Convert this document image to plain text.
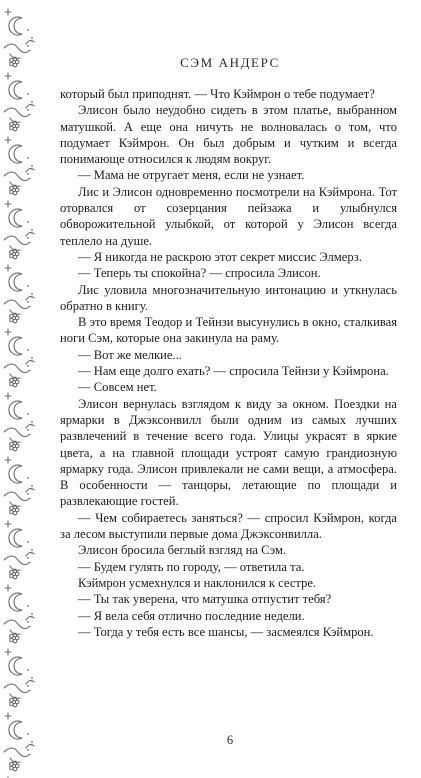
СЭМ АНДЕРС

который был приподнят. — Что Кэймрон о тебе подумает?

Элисон было неудобно сидеть в этом платье, выбранном матушкой. А еще она ничуть не волновалась о том, что подумает Кэймрон. Он был добрым и чутким и всегда понимающе относился к людям вокруг.

— Мама не отругает меня, если не узнает.

Лис и Элисон одновременно посмотрели на Кэймрона. Тот оторвался от созерцания пейзажа и улыбнулся обворожительной улыбкой, от которой у Элисон всегда теплело на душе.

— Я никогда не раскрою этот секрет миссис Элмерз.

— Теперь ты спокойна? — спросила Элисон.

Лис уловила многозначительную интонацию и уткнулась обратно в книгу.

В это время Теодор и Тейнзи высунулись в окно, сталкивая ноги Сэм, которые она закинула на раму.

— Вот же мелкие...

— Нам еще долго ехать? — спросила Тейнзи у Кэймрона.

— Совсем нет.

Элисон вернулась взглядом к виду за окном. Поездки на ярмарки в Джэксонвилл были одним из самых лучших развлечений в течение всего года. Улицы украсят в яркие цвета, а на главной площади устроят самую грандиозную ярмарку года. Элисон привлекали не сами вещи, а атмосфера. В особенности — танцоры, летающие по площади и развлекающие гостей.

— Чем собираетесь заняться? — спросил Кэймрон, когда за лесом выступили первые дома Джэксонвилла.

Элисон бросила беглый взгляд на Сэм.

— Будем гулять по городу, — ответила та.

Кэймрон усмехнулся и наклонился к сестре.

— Ты так уверена, что матушка отпустит тебя?

— Я вела себя отлично последние недели.

— Тогда у тебя есть все шансы, — засмеялся Кэймрон.

6
